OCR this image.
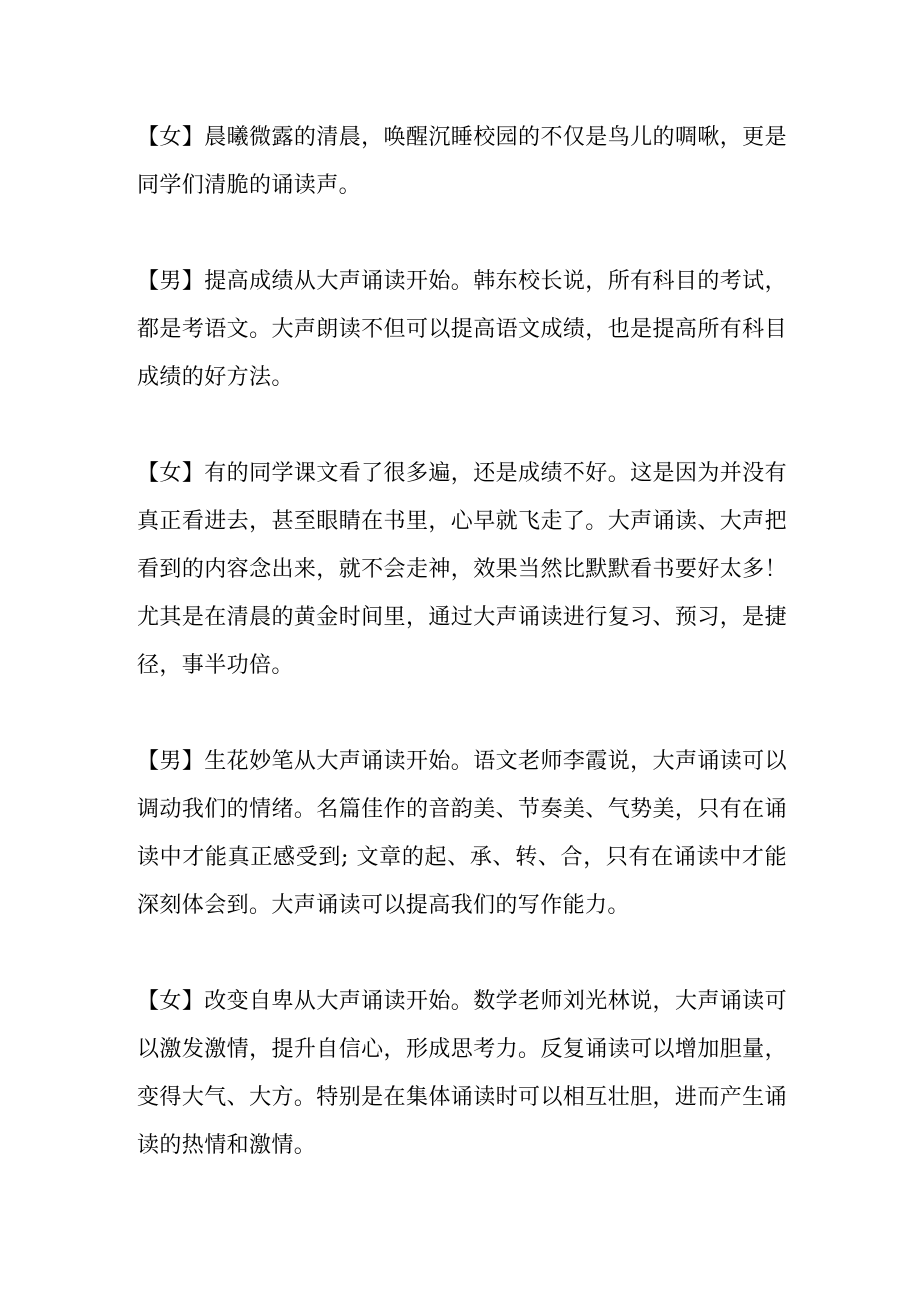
【女】晨曦微露的清晨，唤醒沉睡校园的不仅是鸟儿的啁啾，更是同学们清脆的诵读声。

【男】提高成绩从大声诵读开始。韩东校长说，所有科目的考试，都是考语文。大声朗读不但可以提高语文成绩，也是提高所有科目成绩的好方法。

【女】有的同学课文看了很多遍，还是成绩不好。这是因为并没有真正看进去，甚至眼睛在书里，心早就飞走了。大声诵读、大声把看到的内容念出来，就不会走神，效果当然比默默看书要好太多！尤其是在清晨的黄金时间里，通过大声诵读进行复习、预习，是捷径，事半功倍。

【男】生花妙笔从大声诵读开始。语文老师李霞说，大声诵读可以调动我们的情绪。名篇佳作的音韵美、节奏美、气势美，只有在诵读中才能真正感受到; 文章的起、承、转、合，只有在诵读中才能深刻体会到。大声诵读可以提高我们的写作能力。

【女】改变自卑从大声诵读开始。数学老师刘光林说，大声诵读可以激发激情，提升自信心，形成思考力。反复诵读可以增加胆量，变得大气、大方。特别是在集体诵读时可以相互壮胆，进而产生诵读的热情和激情。
